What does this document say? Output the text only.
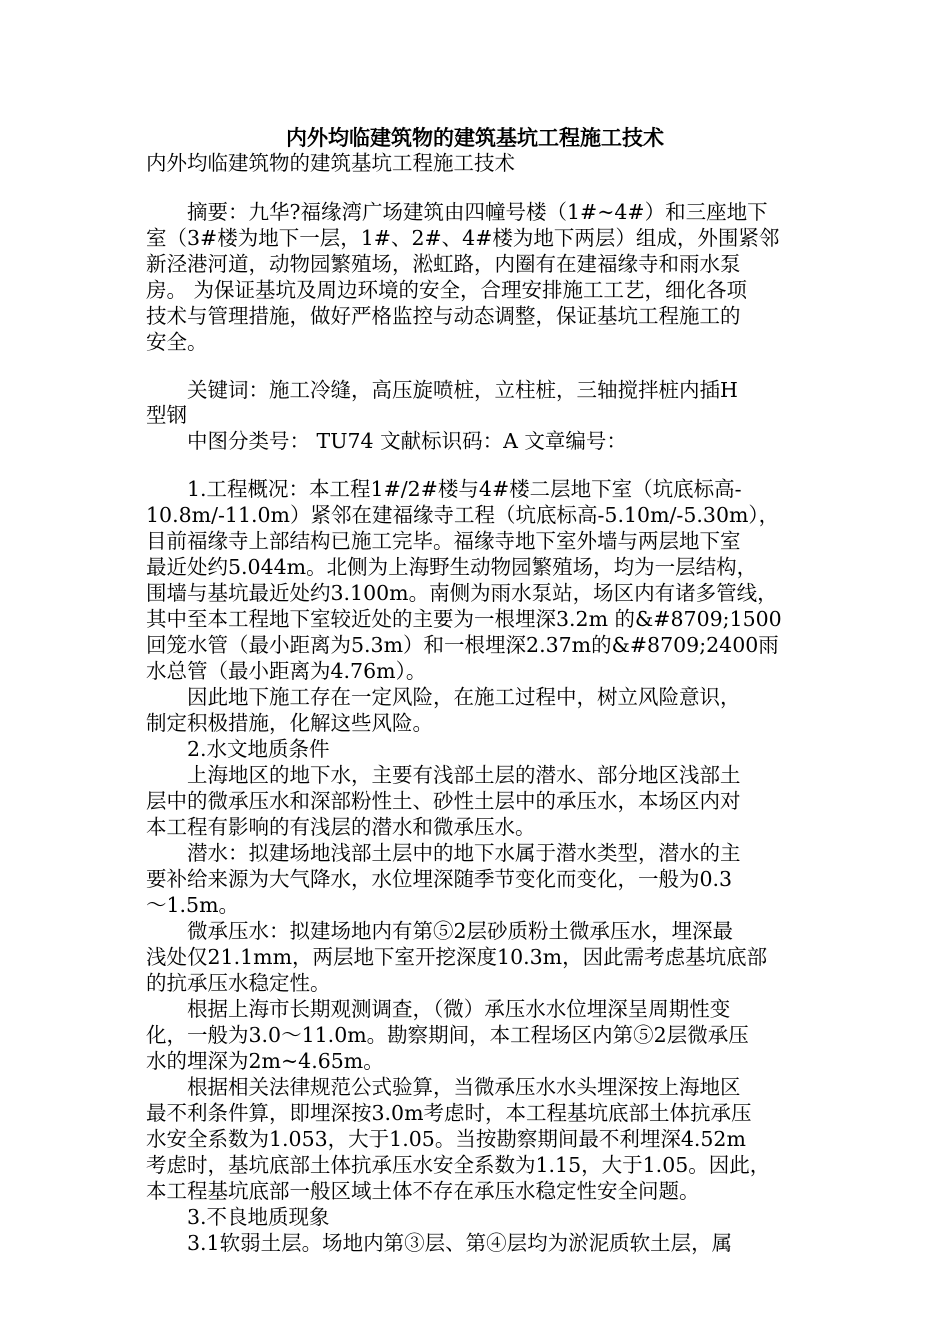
内外均临建筑物的建筑基坑工程施工技术
内外均临建筑物的建筑基坑工程施工技术
　　摘要：九华?福缘湾广场建筑由四幢号楼（1#~4#）和三座地下
室（3#楼为地下一层，1#、2#、4#楼为地下两层）组成，外围紧邻
新泾港河道，动物园繁殖场，淞虹路，内圈有在建福缘寺和雨水泵
房。 为保证基坑及周边环境的安全，合理安排施工工艺，细化各项
技术与管理措施，做好严格监控与动态调整，保证基坑工程施工的
安全。
　　关键词：施工冷缝，高压旋喷桩，立柱桩，三轴搅拌桩内插H
型钢
　　中图分类号： TU74 文献标识码：A 文章编号：
　　1.工程概况：本工程1#/2#楼与4#楼二层地下室（坑底标高-
10.8m/-11.0m）紧邻在建福缘寺工程（坑底标高-5.10m/-5.30m），
目前福缘寺上部结构已施工完毕。福缘寺地下室外墙与两层地下室
最近处约5.044m。北侧为上海野生动物园繁殖场，均为一层结构，
围墙与基坑最近处约3.100m。南侧为雨水泵站，场区内有诸多管线，
其中至本工程地下室较近处的主要为一根埋深3.2m 的&#8709;1500
回笼水管（最小距离为5.3m）和一根埋深2.37m的&#8709;2400雨
水总管（最小距离为4.76m）。
　　因此地下施工存在一定风险，在施工过程中，树立风险意识，
制定积极措施，化解这些风险。
　　2.水文地质条件
　　上海地区的地下水，主要有浅部土层的潜水、部分地区浅部土
层中的微承压水和深部粉性土、砂性土层中的承压水，本场区内对
本工程有影响的有浅层的潜水和微承压水。
　　潜水：拟建场地浅部土层中的地下水属于潜水类型，潜水的主
要补给来源为大气降水，水位埋深随季节变化而变化，一般为0.3
～1.5m。
　　微承压水：拟建场地内有第⑤2层砂质粉土微承压水，埋深最
浅处仅21.1mm，两层地下室开挖深度10.3m，因此需考虑基坑底部
的抗承压水稳定性。
　　根据上海市长期观测调查，（微）承压水水位埋深呈周期性变
化，一般为3.0～11.0m。勘察期间，本工程场区内第⑤2层微承压
水的埋深为2m~4.65m。
　　根据相关法律规范公式验算，当微承压水水头埋深按上海地区
最不利条件算，即埋深按3.0m考虑时，本工程基坑底部土体抗承压
水安全系数为1.053，大于1.05。当按勘察期间最不利埋深4.52m
考虑时，基坑底部土体抗承压水安全系数为1.15，大于1.05。因此，
本工程基坑底部一般区域土体不存在承压水稳定性安全问题。
　　3.不良地质现象
　　3.1软弱土层。场地内第③层、第④层均为淤泥质软土层，属
